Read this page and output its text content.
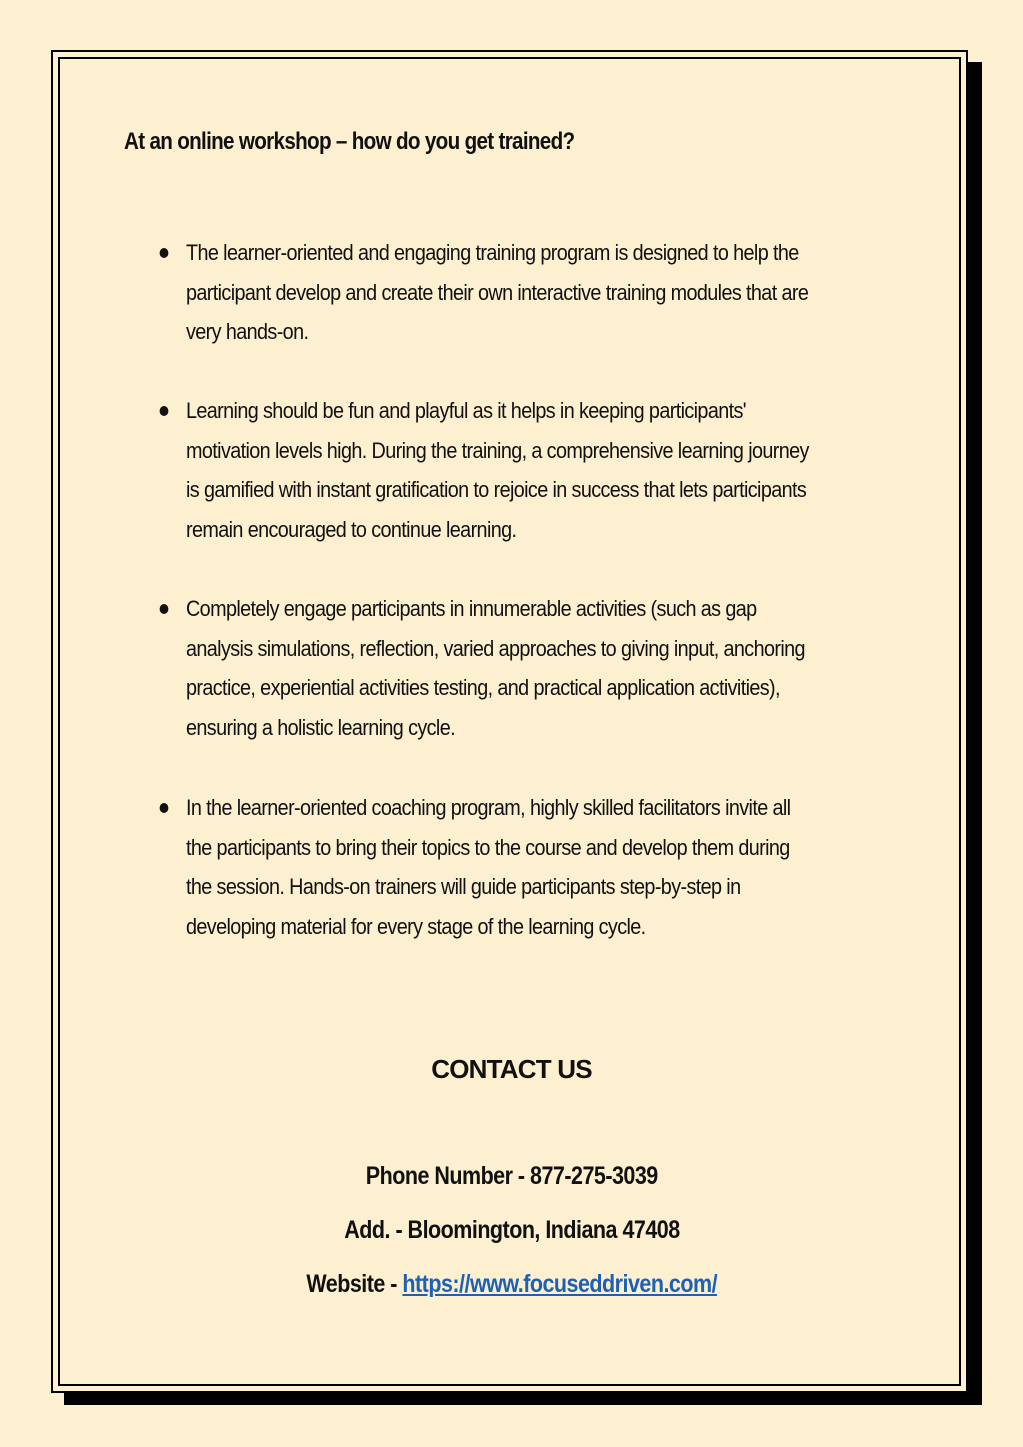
At an online workshop – how do you get trained?
The learner-oriented and engaging training program is designed to help the participant develop and create their own interactive training modules that are very hands-on.
Learning should be fun and playful as it helps in keeping participants' motivation levels high. During the training, a comprehensive learning journey is gamified with instant gratification to rejoice in success that lets participants remain encouraged to continue learning.
Completely engage participants in innumerable activities (such as gap analysis simulations, reflection, varied approaches to giving input, anchoring practice, experiential activities testing, and practical application activities), ensuring a holistic learning cycle.
In the learner-oriented coaching program, highly skilled facilitators invite all the participants to bring their topics to the course and develop them during the session. Hands-on trainers will guide participants step-by-step in developing material for every stage of the learning cycle.
CONTACT US
Phone Number - 877-275-3039
Add. - Bloomington, Indiana 47408
Website - https://www.focuseddriven.com/
